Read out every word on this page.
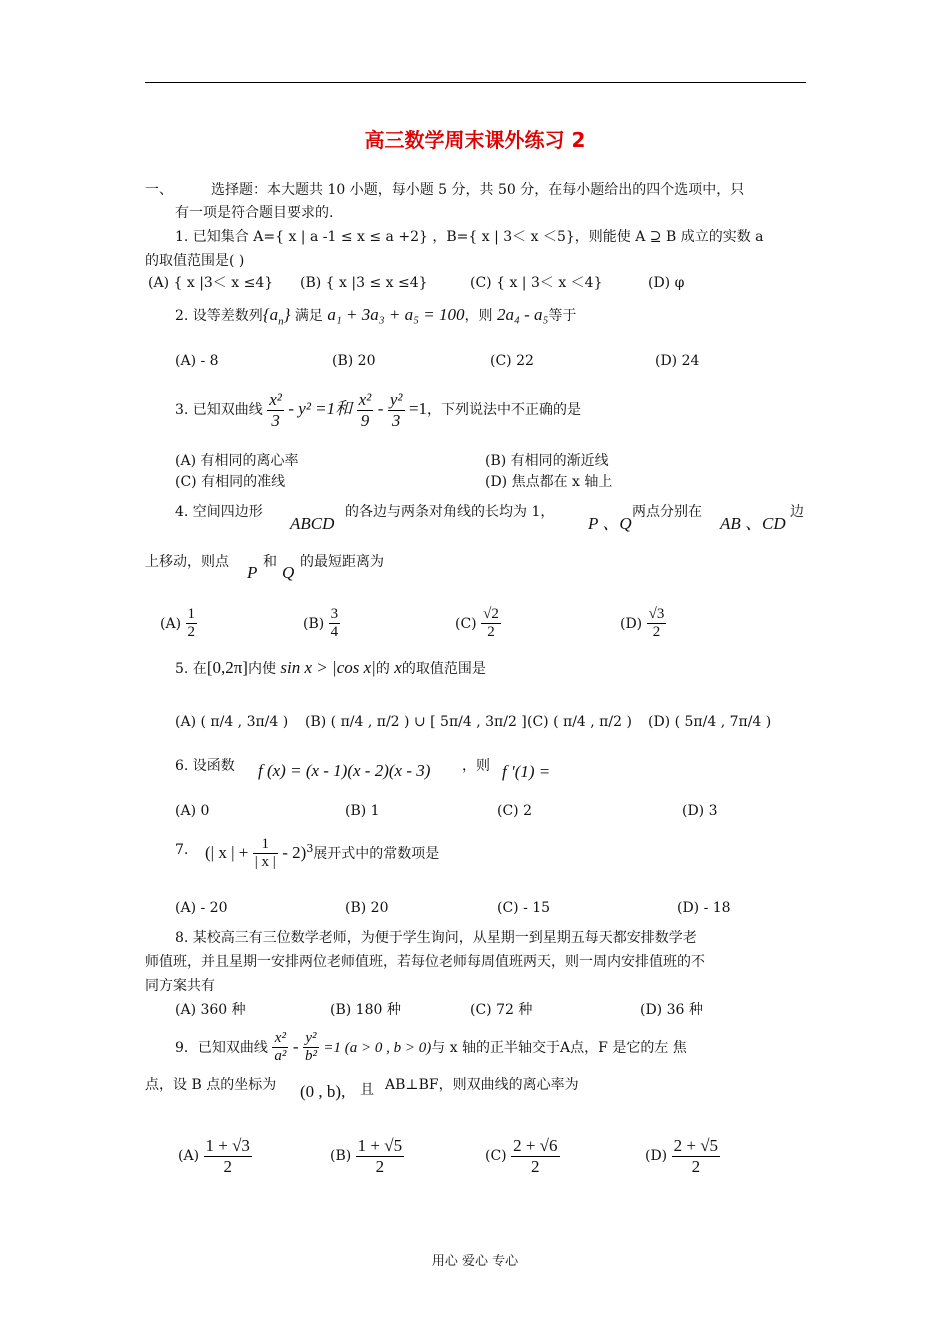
高三数学周末课外练习 2
一、	选择题：本大题共 10 小题，每小题 5 分，共 50 分，在每小题给出的四个选项中，只
有一项是符合题目要求的.
1. 已知集合 A={ x | a -1 ≤ x ≤ a +2} ，B={ x | 3＜ x ＜5}，则能使 A ⊇ B 成立的实数 a
的取值范围是( )
(A) { x |3＜ x ≤4} (B) { x |3 ≤ x ≤4}	(C) { x | 3＜ x ＜4}	(D) φ
2. 设等差数列$\{a_n\}$ 满足 a₁ + 3a₃ + a₅ = 100，则 2a₄ - a₅等于
(A) - 8	(B) 20	(C) 22	(D) 24
3. 已知双曲线 $\frac{\text{x²}}{3} - y^2 =1$和 $\frac{\text{x²}}{9} - \frac{\text{y²}}{3} =1$，下列说法中不正确的是
(A) 有相同的离心率	(B) 有相同的渐近线
(C) 有相同的准线	(D) 焦点都在 x 轴上
4. 空间四边形
ABCD
的各边与两条对角线的长均为 1，
P 、Q
两点分别在
AB 、CD
边
上移动，则点
P
和
Q
的最短距离为
$(A) \frac{1}{2}$	$(B) \frac{3}{4}$	$(C) \frac{√2}{2}$	$(D) \frac{√3}{2}$
5. 在[0,2π]内使 sin x > |cos x|的 x的取值范围是
(A) ( π/4 , 3π/4 ) (B) ( π/4 , π/2 ) ∪ [ 5π/4 , 3π/2 ] (C) ( π/4 , π/2 ) (D) ( 5π/4 , 7π/4 )
6. 设函数 f (x) = (x - 1)(x - 2)(x - 3) ，则 f ′(1) =
(A) 0	(B) 1	(C) 2	(D) 3
7. (| x | + $\frac{1}{| x |} - 2)^3$展开式中的常数项是
(A) - 20	(B) 20	(C) - 15	(D) - 18
8. 某校高三有三位数学老师，为便于学生询问，从星期一到星期五每天都安排数学老
师值班，并且星期一安排两位老师值班，若每位老师每周值班两天，则一周内安排值班的不
同方案共有
(A) 360 种	(B) 180 种	(C) 72 种	(D) 36 种
9．已知双曲线 $\frac{\text{x²}}{\text{a²}} - \frac{\text{y²}}{\text{b²}} =1$ (a > 0 , b > 0)与 x 轴的正半轴交于A点，F 是它的左 焦
点，设 B 点的坐标为 (0 , b), 且 AB⊥BF，则双曲线的离心率为
$(A) \frac{1 + √3}{2}$	$(B) \frac{1 + √5}{2}$	$(C) \frac{2 + √6}{2}$	$(D) \frac{2 + √5}{2}$
用心 爱心 专心
